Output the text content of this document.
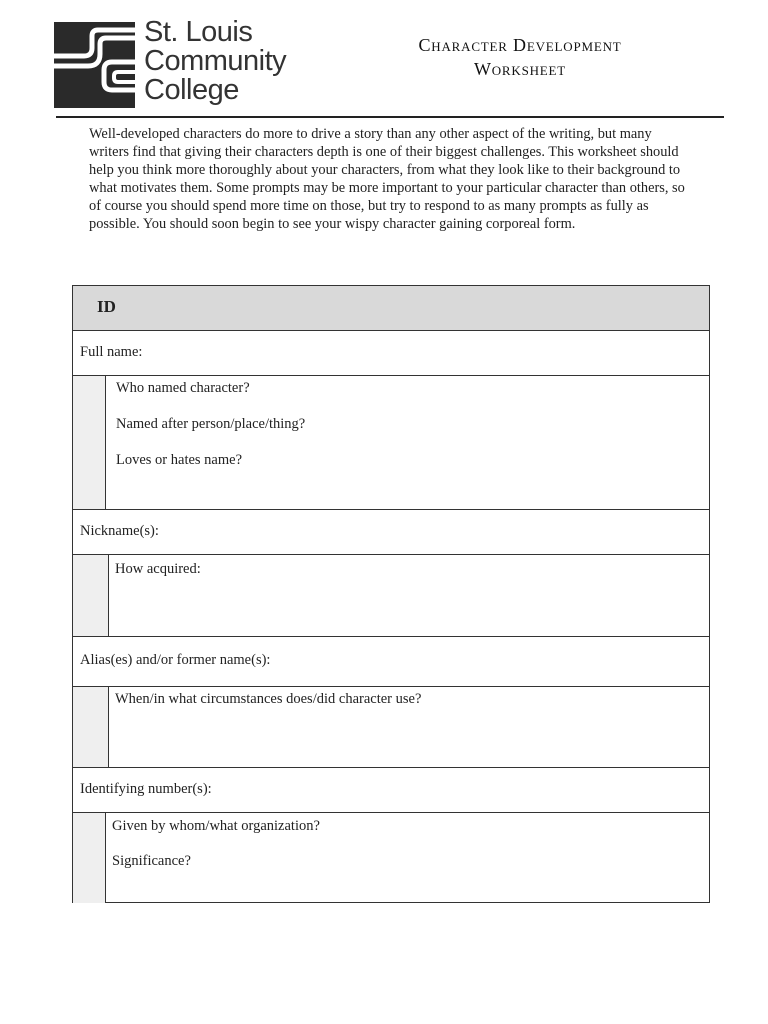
St. Louis
Community
College
Character Development
Worksheet
Well-developed characters do more to drive a story than any other aspect of the writing, but many writers find that giving their characters depth is one of their biggest challenges. This worksheet should help you think more thoroughly about your characters, from what they look like to their background to what motivates them. Some prompts may be more important to your particular character than others, so of course you should spend more time on those, but try to respond to as many prompts as fully as possible. You should soon begin to see your wispy character gaining corporeal form.
ID
Full name:
Who named character?
Named after person/place/thing?
Loves or hates name?
Nickname(s):
How acquired:
Alias(es) and/or former name(s):
When/in what circumstances does/did character use?
Identifying number(s):
Given by whom/what organization?
Significance?
